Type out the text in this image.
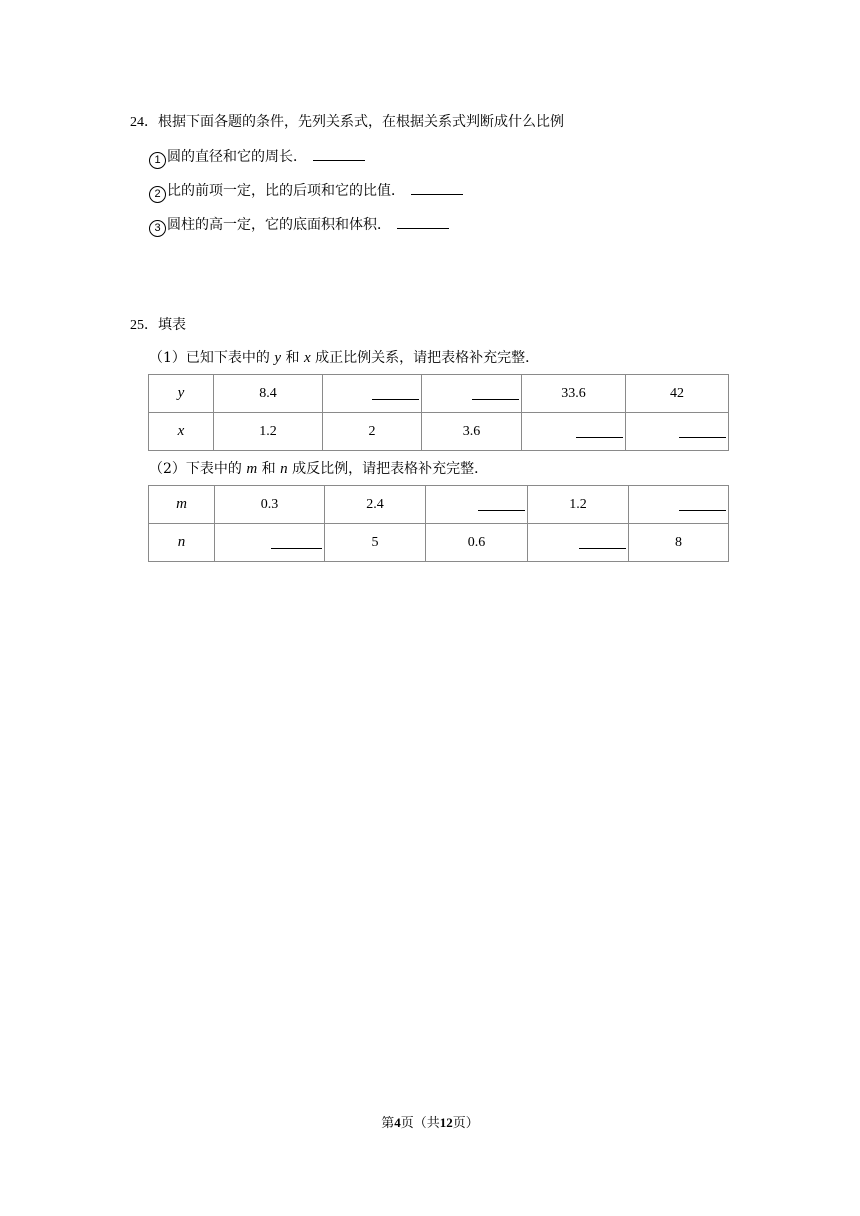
24．根据下面各题的条件，先列关系式，在根据关系式判断成什么比例
1 圆的直径和它的周长．
2 比的前项一定，比的后项和它的比值．
3 圆柱的高一定，它的底面积和体积．
25．填表
（1）已知下表中的 y 和 x 成正比例关系，请把表格补充完整．
y	8.4			33.6	42
x	1.2	2	3.6	

（2）下表中的 m 和 n 成反比例，请把表格补充完整．
m	0.3	2.4		1.2	

n		5	0.6		8
第4页（共12页）
